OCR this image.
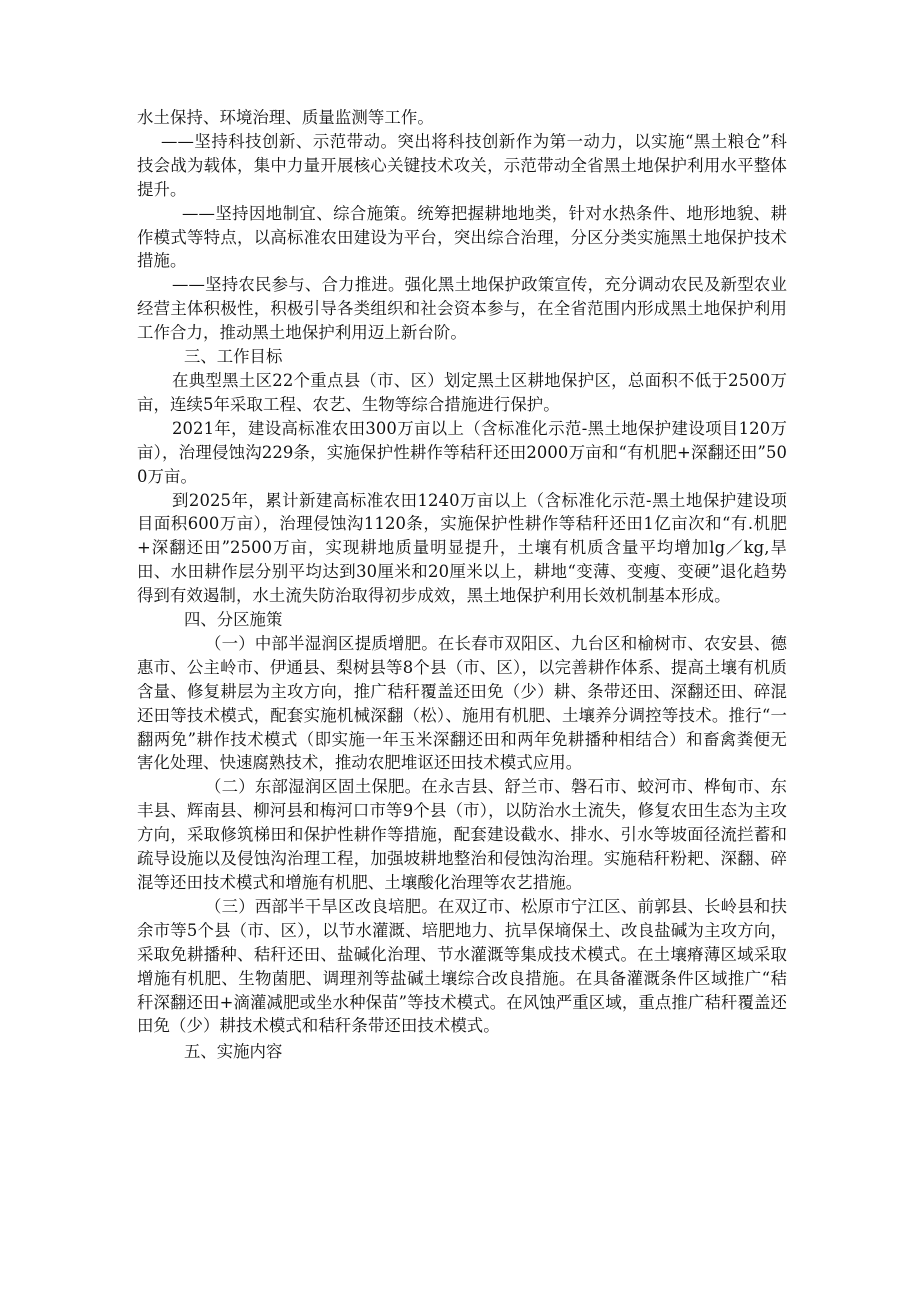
水土保持、环境治理、质量监测等工作。

——坚持科技创新、示范带动。突出将科技创新作为第一动力，以实施“黑土粮仓”科技会战为载体，集中力量开展核心关键技术攻关，示范带动全省黑土地保护利用水平整体提升。

——坚持因地制宜、综合施策。统筹把握耕地地类，针对水热条件、地形地貌、耕作模式等特点，以高标准农田建设为平台，突出综合治理，分区分类实施黑土地保护技术措施。

——坚持农民参与、合力推进。强化黑土地保护政策宣传，充分调动农民及新型农业经营主体积极性，积极引导各类组织和社会资本参与，在全省范围内形成黑土地保护利用工作合力，推动黑土地保护利用迈上新台阶。

三、工作目标

在典型黑土区22个重点县（市、区）划定黑土区耕地保护区，总面积不低于2500万亩，连续5年采取工程、农艺、生物等综合措施进行保护。

2021年，建设高标准农田300万亩以上（含标准化示范-黑土地保护建设项目120万亩），治理侵蚀沟229条，实施保护性耕作等秸秆还田2000万亩和“有机肥+深翻还田”500万亩。

到2025年，累计新建高标准农田1240万亩以上（含标准化示范-黑土地保护建设项目面积600万亩），治理侵蚀沟1120条，实施保护性耕作等秸秆还田1亿亩次和“有.机肥+深翻还田”2500万亩，实现耕地质量明显提升，土壤有机质含量平均增加lg／kg,旱田、水田耕作层分别平均达到30厘米和20厘米以上，耕地“变薄、变瘦、变硬”退化趋势得到有效遏制，水土流失防治取得初步成效，黑土地保护利用长效机制基本形成。

四、分区施策

（一）中部半湿润区提质增肥。在长春市双阳区、九台区和榆树市、农安县、德惠市、公主岭市、伊通县、梨树县等8个县（市、区），以完善耕作体系、提高土壤有机质含量、修复耕层为主攻方向，推广秸秆覆盖还田免（少）耕、条带还田、深翻还田、碎混还田等技术模式，配套实施机械深翻（松）、施用有机肥、土壤养分调控等技术。推行“一翻两免”耕作技术模式（即实施一年玉米深翻还田和两年免耕播种相结合）和畜禽粪便无害化处理、快速腐熟技术，推动农肥堆讴还田技术模式应用。

（二）东部湿润区固土保肥。在永吉县、舒兰市、磐石市、蛟河市、桦甸市、东丰县、辉南县、柳河县和梅河口市等9个县（市），以防治水土流失，修复农田生态为主攻方向，采取修筑梯田和保护性耕作等措施，配套建设截水、排水、引水等坡面径流拦蓄和疏导设施以及侵蚀沟治理工程，加强坡耕地整治和侵蚀沟治理。实施秸秆粉耙、深翻、碎混等还田技术模式和增施有机肥、土壤酸化治理等农艺措施。

（三）西部半干旱区改良培肥。在双辽市、松原市宁江区、前郭县、长岭县和扶余市等5个县（市、区），以节水灌溉、培肥地力、抗旱保墒保土、改良盐碱为主攻方向，采取免耕播种、秸秆还田、盐碱化治理、节水灌溉等集成技术模式。在土壤瘠薄区域采取增施有机肥、生物菌肥、调理剂等盐碱土壤综合改良措施。在具备灌溉条件区域推广“秸秆深翻还田+滴灌减肥或坐水种保苗”等技术模式。在风蚀严重区域，重点推广秸秆覆盖还田免（少）耕技术模式和秸秆条带还田技术模式。

五、实施内容
